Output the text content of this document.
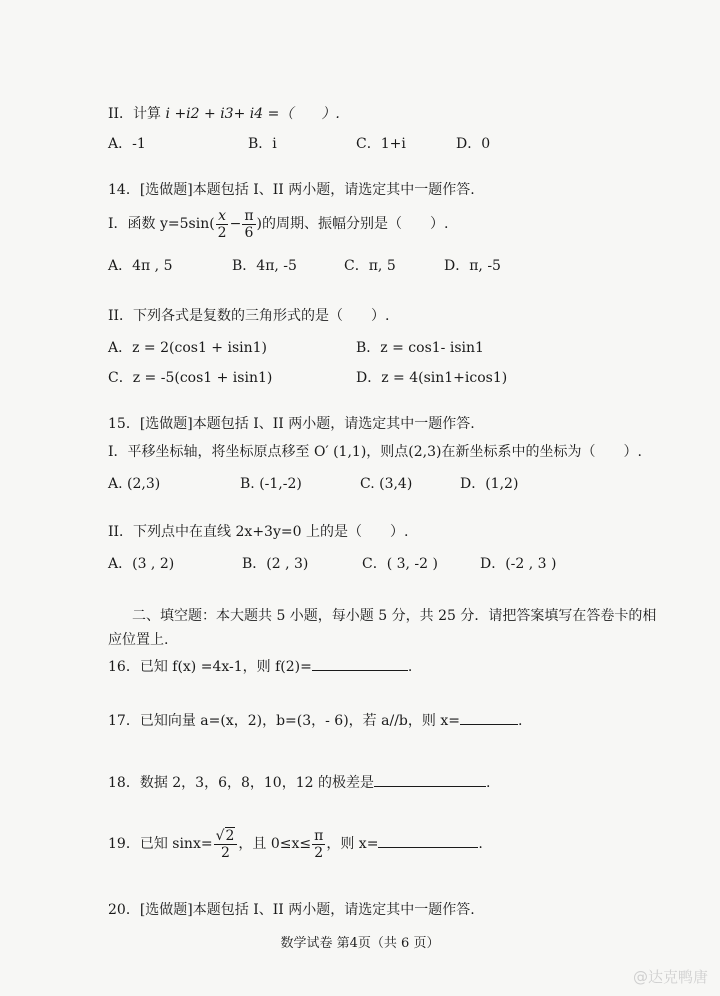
II．计算 i +i2 + i3+ i4 =（　　）.
A．-1	B．i	C．1+i	D．0
14．[选做题]本题包括 I、II 两小题，请选定其中一题作答.
I．函数 $y=5\sin( \frac{x}{2} - \frac{\pi}{6}$ )的周期、振幅分别是（　　）.
A．4π , 5	B．4π, -5	C．π, 5	D．π, -5
II．下列各式是复数的三角形式的是（　　）.
A．z = 2(cos1 + isin1)	B．z = cos1- isin1
C．z = -5(cos1 + isin1)	D．z = 4(sin1+icos1)
15．[选做题]本题包括 I、II 两小题，请选定其中一题作答.
I．平移坐标轴，将坐标原点移至 O′ (1,1)，则点(2,3)在新坐标系中的坐标为（　　）.
A. (2,3)	B. (-1,-2)	C. (3,4)	D．(1,2)
II．下列点中在直线 2x+3y=0 上的是（　　）.
A．(3 , 2)	B．(2 , 3)	C．( 3, -2 )	D．(-2 , 3 )
二、填空题：本大题共 5 小题，每小题 5 分，共 25 分．请把答案填写在答卷卡的相
应位置上.
16．已知 f(x) =4x-1，则 f(2)=	.
17．已知向量 a=(x，2)，b=(3，- 6)，若 a//b，则 x=	.
18．数据 2，3，6，8，10，12 的极差是	.
19．已知 $\sin x= \frac{√2}{2}$ ，且 $0\le x\le \frac{\pi}{2}$ ，则 x=	.
20．[选做题]本题包括 I、II 两小题，请选定其中一题作答.
数学试卷 第4页（共 6 页）
@达克鸭唐
